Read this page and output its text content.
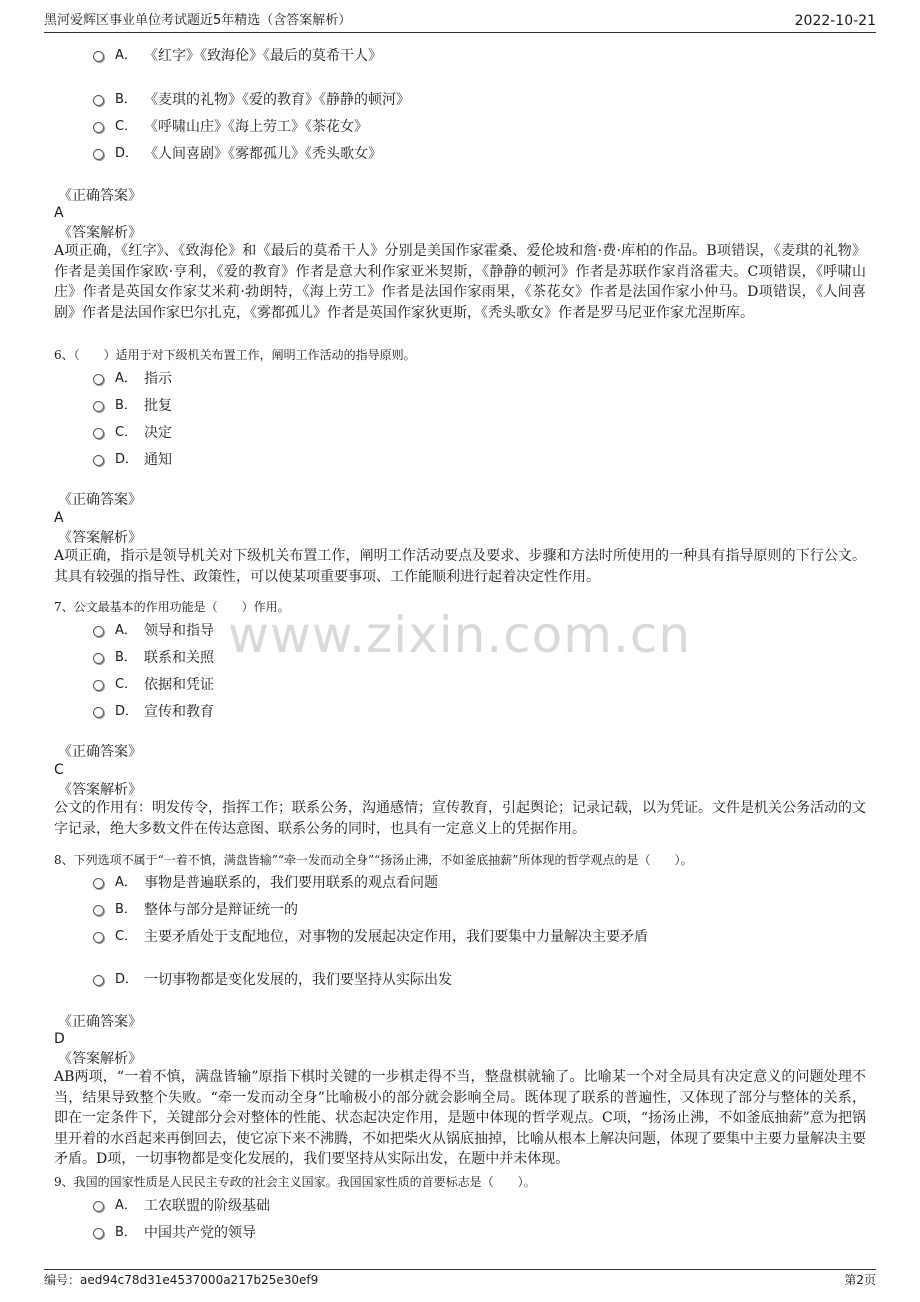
黑河爱辉区事业单位考试题近5年精选（含答案解析）	2022-10-21
www.zixin.com.cn
A． 《红字》《致海伦》《最后的莫希干人》
B． 《麦琪的礼物》《爱的教育》《静静的顿河》
C． 《呼啸山庄》《海上劳工》《茶花女》
D． 《人间喜剧》《雾都孤儿》《秃头歌女》
《正确答案》
A
《答案解析》
A项正确，《红字》、《致海伦》和《最后的莫希干人》分别是美国作家霍桑、爱伦坡和詹·费·库柏的作品。B项错误，《麦琪的礼物》作者是美国作家欧·亨利，《爱的教育》作者是意大利作家亚米契斯，《静静的顿河》作者是苏联作家肖洛霍夫。C项错误，《呼啸山庄》作者是英国女作家艾米莉·勃朗特，《海上劳工》作者是法国作家雨果，《茶花女》作者是法国作家小仲马。D项错误，《人间喜剧》作者是法国作家巴尔扎克，《雾都孤儿》作者是英国作家狄更斯，《秃头歌女》作者是罗马尼亚作家尤涅斯库。
6、（　　）适用于对下级机关布置工作，阐明工作活动的指导原则。
A． 指示
B． 批复
C． 决定
D． 通知
《正确答案》
A
《答案解析》
A项正确，指示是领导机关对下级机关布置工作，阐明工作活动要点及要求、步骤和方法时所使用的一种具有指导原则的下行公文。其具有较强的指导性、政策性，可以使某项重要事项、工作能顺利进行起着决定性作用。
7、公文最基本的作用功能是（　　）作用。
A． 领导和指导
B． 联系和关照
C． 依据和凭证
D． 宣传和教育
《正确答案》
C
《答案解析》
公文的作用有：明发传令，指挥工作；联系公务，沟通感情；宣传教育，引起舆论；记录记载，以为凭证。文件是机关公务活动的文字记录，绝大多数文件在传达意图、联系公务的同时，也具有一定意义上的凭据作用。
8、下列选项不属于“一着不慎，满盘皆输”“牵一发而动全身”“扬汤止沸，不如釜底抽薪”所体现的哲学观点的是（　　）。
A． 事物是普遍联系的，我们要用联系的观点看问题
B． 整体与部分是辩证统一的
C． 主要矛盾处于支配地位，对事物的发展起决定作用，我们要集中力量解决主要矛盾
D． 一切事物都是变化发展的，我们要坚持从实际出发
《正确答案》
D
《答案解析》
AB两项，“一着不慎，满盘皆输”原指下棋时关键的一步棋走得不当，整盘棋就输了。比喻某一个对全局具有决定意义的问题处理不当，结果导致整个失败。“牵一发而动全身”比喻极小的部分就会影响全局。既体现了联系的普遍性，又体现了部分与整体的关系，即在一定条件下，关键部分会对整体的性能、状态起决定作用，是题中体现的哲学观点。C项，“扬汤止沸，不如釜底抽薪”意为把锅里开着的水舀起来再倒回去，使它凉下来不沸腾，不如把柴火从锅底抽掉，比喻从根本上解决问题，体现了要集中主要力量解决主要矛盾。D项，一切事物都是变化发展的，我们要坚持从实际出发，在题中并未体现。
9、我国的国家性质是人民民主专政的社会主义国家。我国国家性质的首要标志是（　　）。
A． 工农联盟的阶级基础
B． 中国共产党的领导
编号：aed94c78d31e4537000a217b25e30ef9	第2页
